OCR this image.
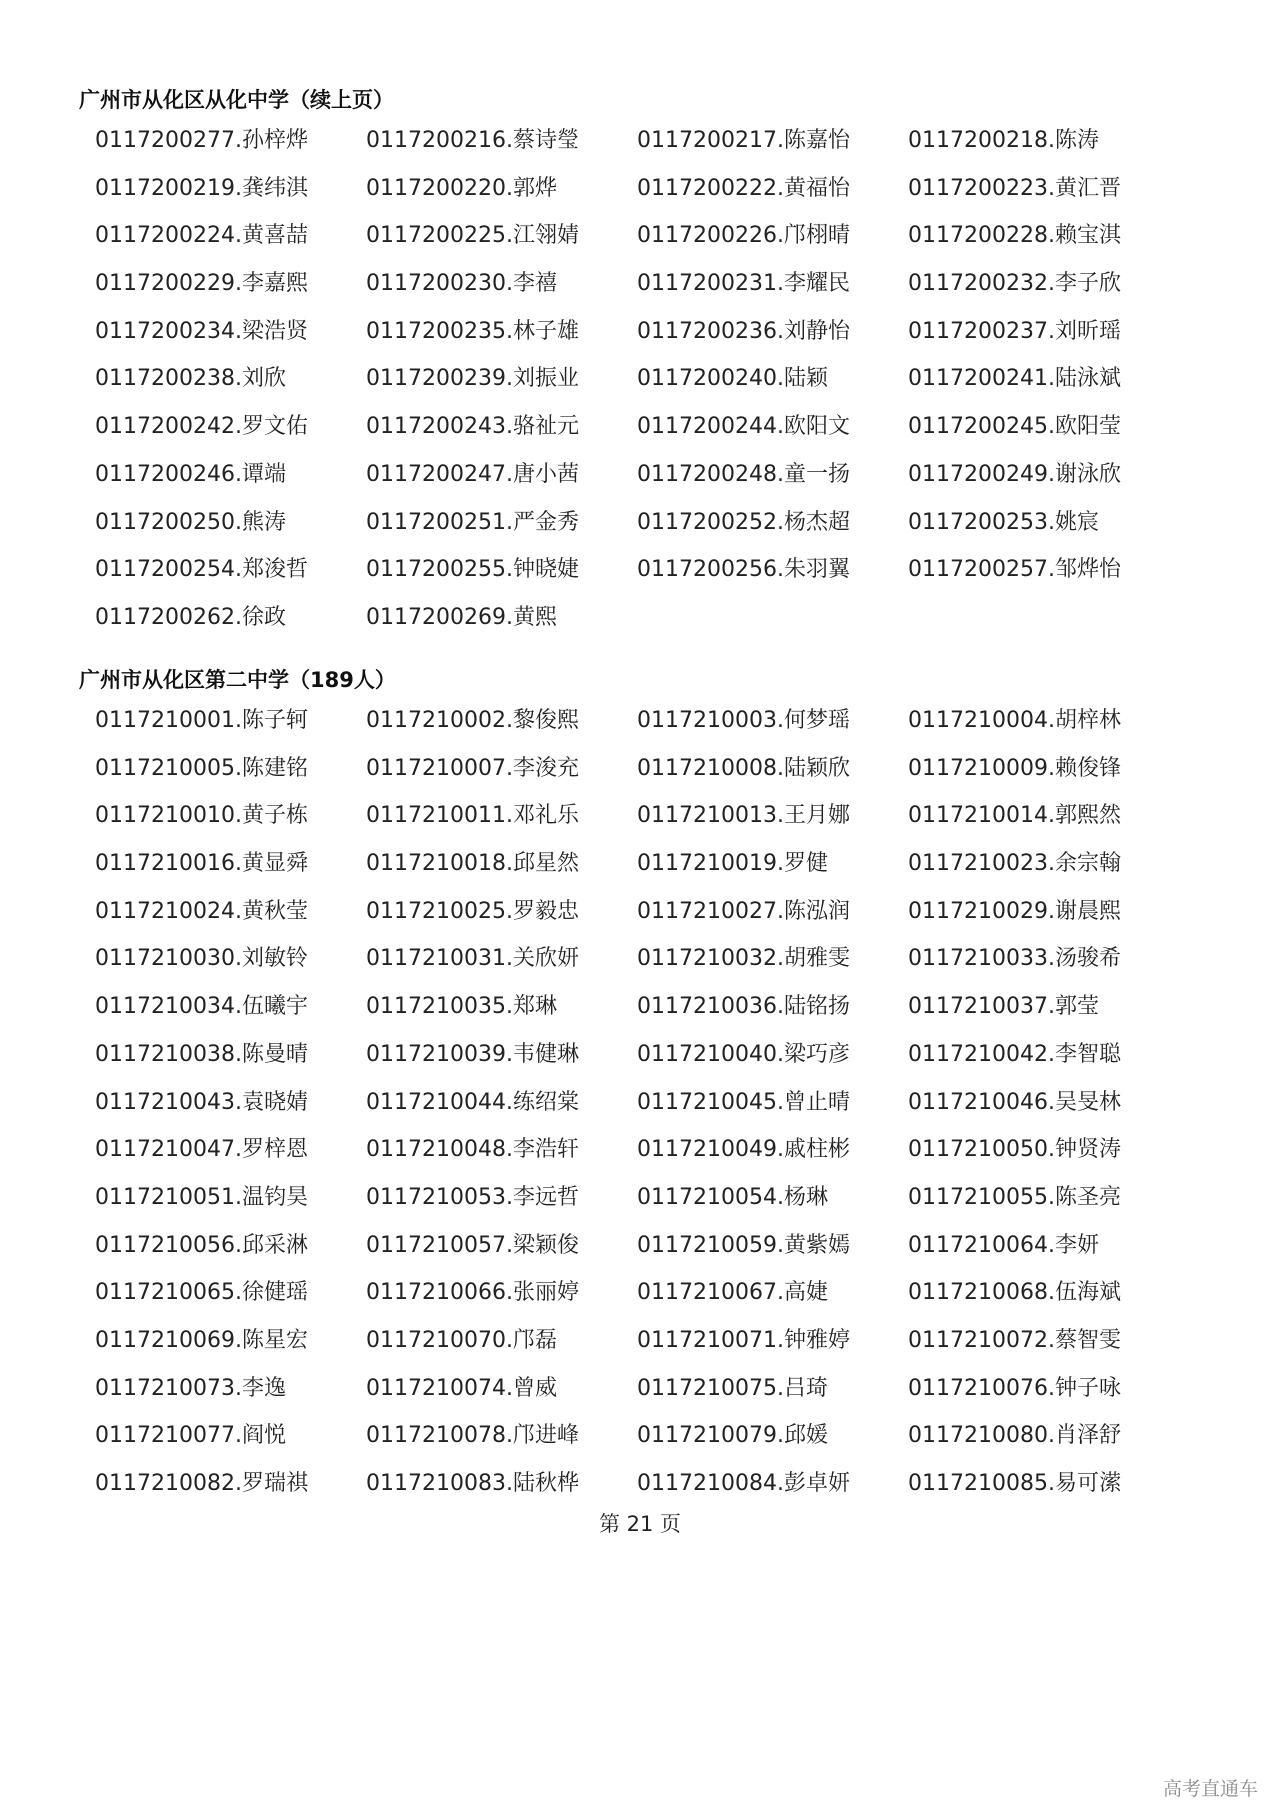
广州市从化区从化中学（续上页）
0117200277.孙梓烨	0117200216.蔡诗瑩	0117200217.陈嘉怡	0117200218.陈涛
0117200219.龚纬淇	0117200220.郭烨	0117200222.黄福怡	0117200223.黄汇晋
0117200224.黄喜喆	0117200225.江翎婧	0117200226.邝栩晴	0117200228.赖宝淇
0117200229.李嘉熙	0117200230.李禧	0117200231.李耀民	0117200232.李子欣
0117200234.梁浩贤	0117200235.林子雄	0117200236.刘静怡	0117200237.刘昕瑶
0117200238.刘欣	0117200239.刘振业	0117200240.陆颖	0117200241.陆泳斌
0117200242.罗文佑	0117200243.骆祉元	0117200244.欧阳文	0117200245.欧阳莹
0117200246.谭端	0117200247.唐小茜	0117200248.童一扬	0117200249.谢泳欣
0117200250.熊涛	0117200251.严金秀	0117200252.杨杰超	0117200253.姚宸
0117200254.郑浚哲	0117200255.钟晓婕	0117200256.朱羽翼	0117200257.邹烨怡
0117200262.徐政	0117200269.黄熙
广州市从化区第二中学（189人）
0117210001.陈子轲	0117210002.黎俊熙	0117210003.何梦瑶	0117210004.胡梓林
0117210005.陈建铭	0117210007.李浚充	0117210008.陆颖欣	0117210009.赖俊锋
0117210010.黄子栋	0117210011.邓礼乐	0117210013.王月娜	0117210014.郭熙然
0117210016.黄显舜	0117210018.邱星然	0117210019.罗健	0117210023.余宗翰
0117210024.黄秋莹	0117210025.罗毅忠	0117210027.陈泓润	0117210029.谢晨熙
0117210030.刘敏铃	0117210031.关欣妍	0117210032.胡雅雯	0117210033.汤骏希
0117210034.伍曦宇	0117210035.郑琳	0117210036.陆铭扬	0117210037.郭莹
0117210038.陈曼晴	0117210039.韦健琳	0117210040.梁巧彦	0117210042.李智聪
0117210043.袁晓婧	0117210044.练绍棠	0117210045.曾止晴	0117210046.吴旻林
0117210047.罗梓恩	0117210048.李浩轩	0117210049.戚柱彬	0117210050.钟贤涛
0117210051.温钧昊	0117210053.李远哲	0117210054.杨琳	0117210055.陈圣亮
0117210056.邱采淋	0117210057.梁颖俊	0117210059.黄紫嫣	0117210064.李妍
0117210065.徐健瑶	0117210066.张丽婷	0117210067.高婕	0117210068.伍海斌
0117210069.陈星宏	0117210070.邝磊	0117210071.钟雅婷	0117210072.蔡智雯
0117210073.李逸	0117210074.曾威	0117210075.吕琦	0117210076.钟子咏
0117210077.阎悦	0117210078.邝进峰	0117210079.邱媛	0117210080.肖泽舒
0117210082.罗瑞祺	0117210083.陆秋桦	0117210084.彭卓妍	0117210085.易可潆
第 21 页
高考直通车
